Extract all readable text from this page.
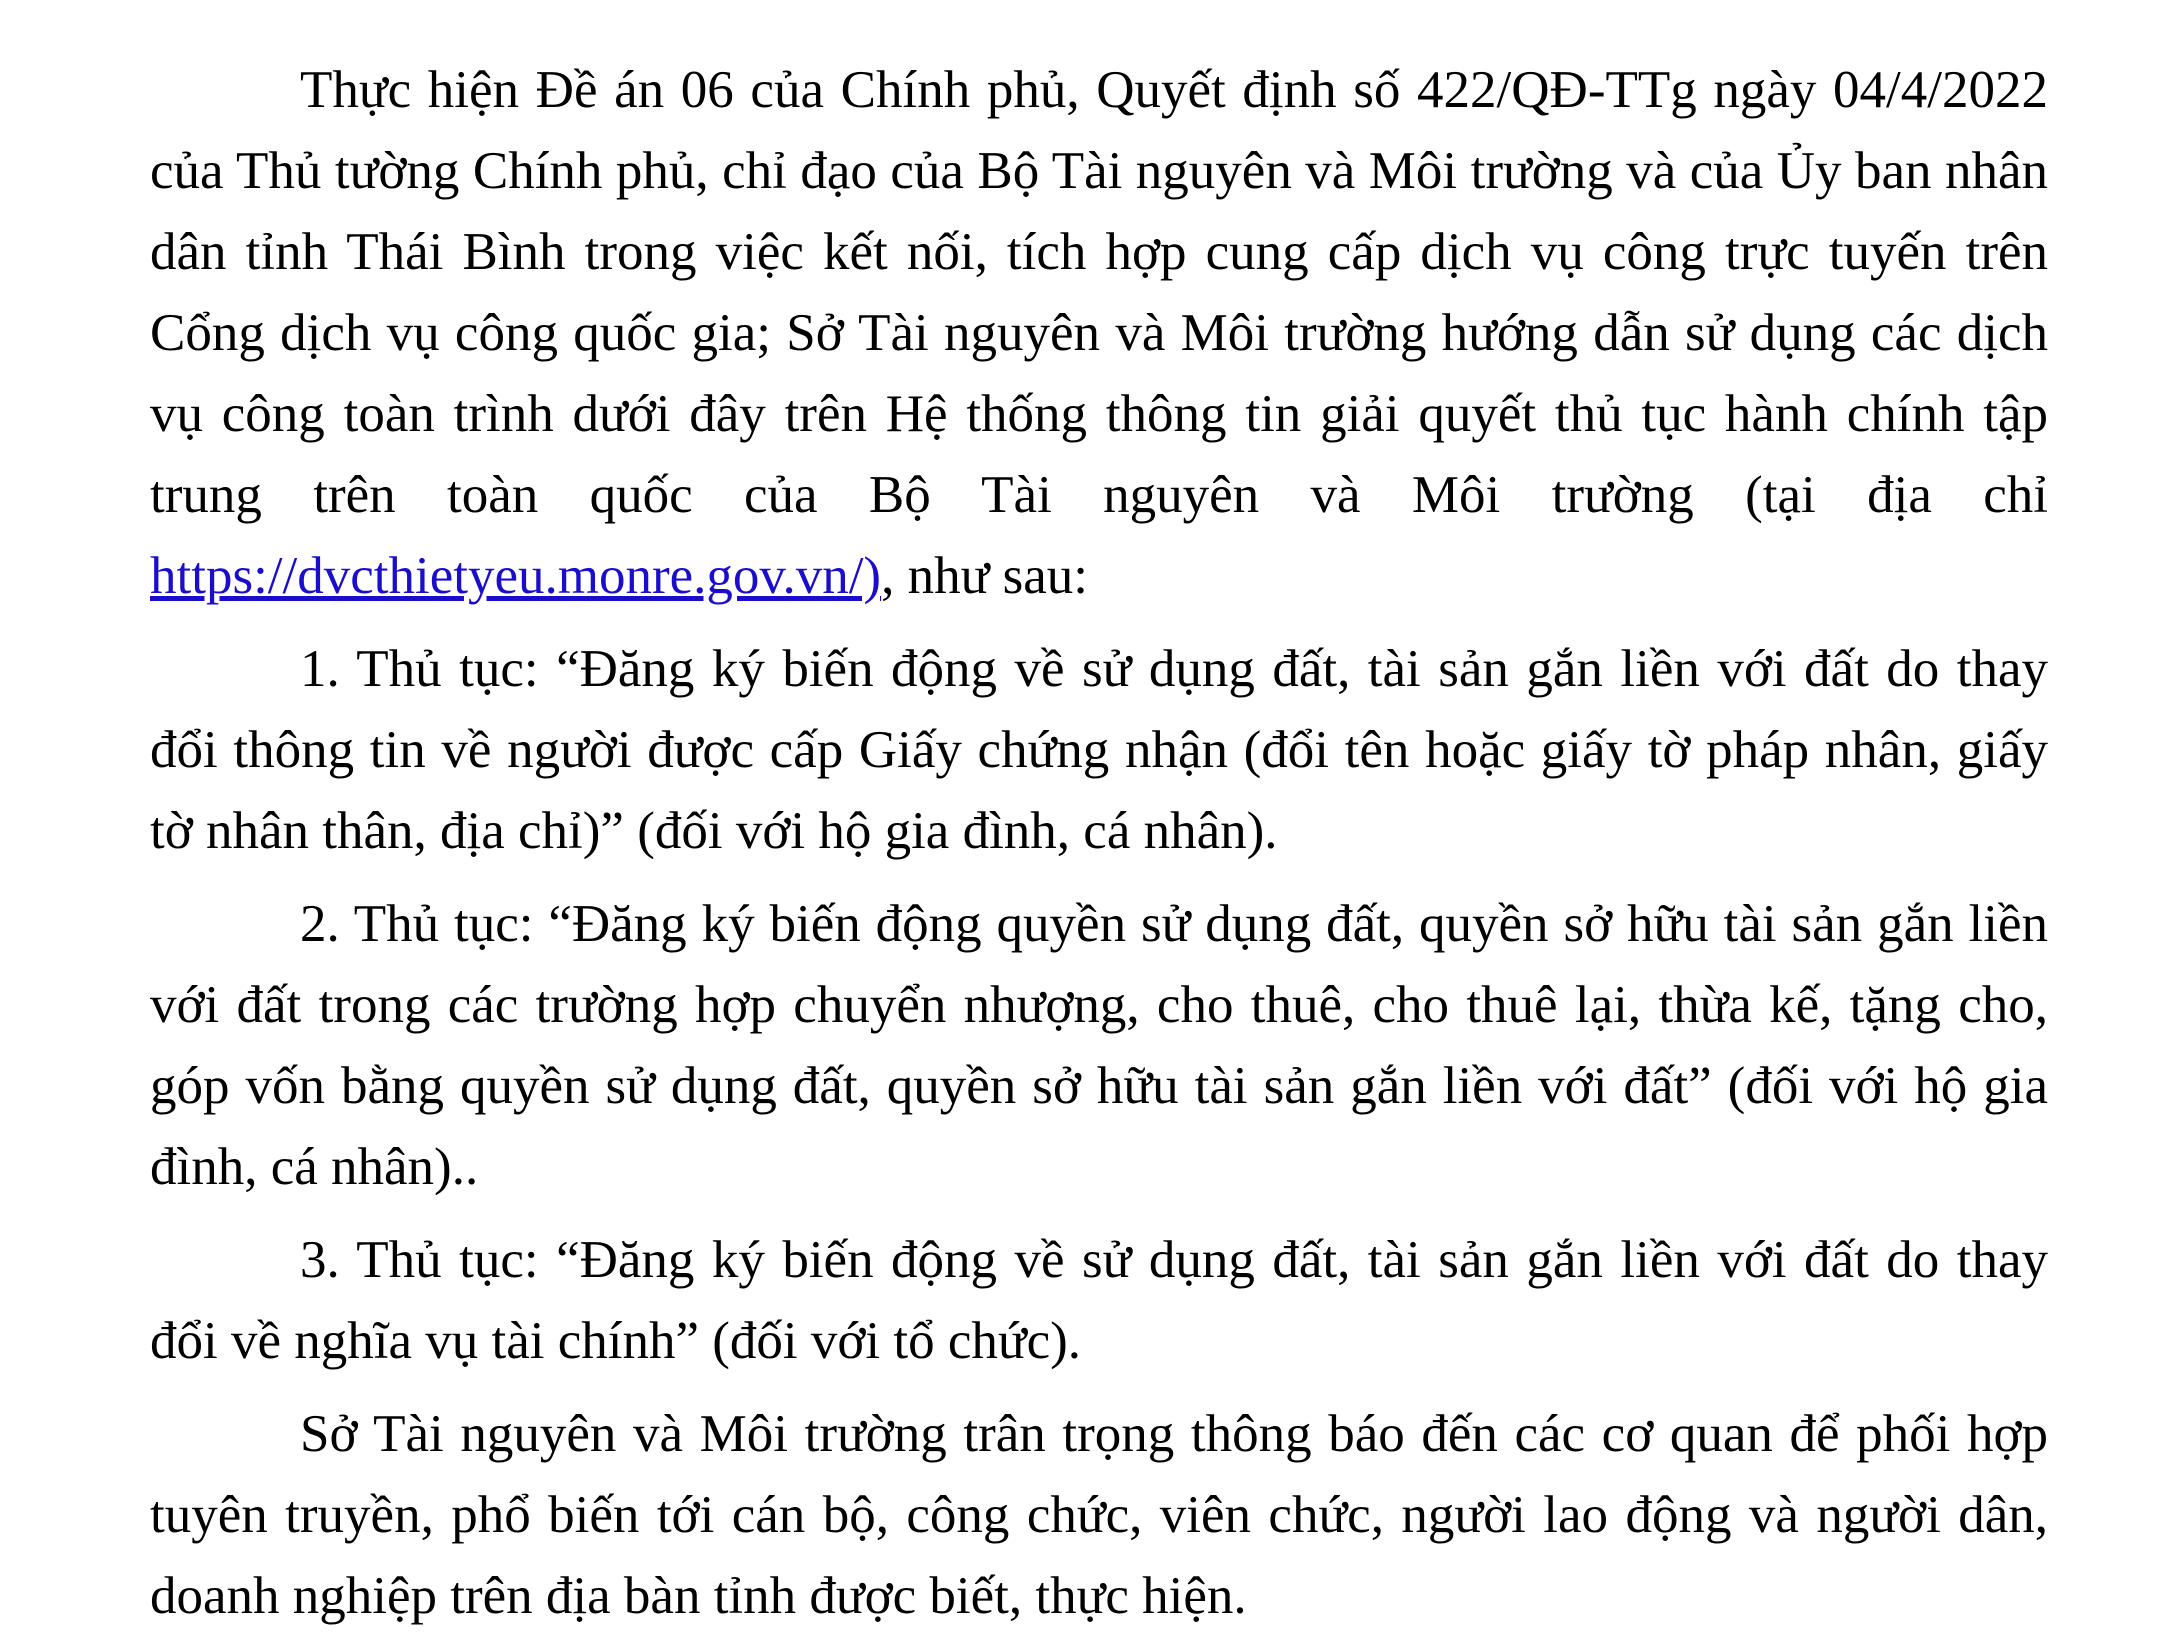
Thực hiện Đề án 06 của Chính phủ, Quyết định số 422/QĐ-TTg ngày 04/4/2022 của Thủ tường Chính phủ, chỉ đạo của Bộ Tài nguyên và Môi trường và của Ủy ban nhân dân tỉnh Thái Bình trong việc kết nối, tích hợp cung cấp dịch vụ công trực tuyến trên Cổng dịch vụ công quốc gia; Sở Tài nguyên và Môi trường hướng dẫn sử dụng các dịch vụ công toàn trình dưới đây trên Hệ thống thông tin giải quyết thủ tục hành chính tập trung trên toàn quốc của Bộ Tài nguyên và Môi trường (tại địa chỉ https://dvcthietyeu.monre.gov.vn/), như sau:

1. Thủ tục: “Đăng ký biến động về sử dụng đất, tài sản gắn liền với đất do thay đổi thông tin về người được cấp Giấy chứng nhận (đổi tên hoặc giấy tờ pháp nhân, giấy tờ nhân thân, địa chỉ)” (đối với hộ gia đình, cá nhân).

2. Thủ tục: “Đăng ký biến động quyền sử dụng đất, quyền sở hữu tài sản gắn liền với đất trong các trường hợp chuyển nhượng, cho thuê, cho thuê lại, thừa kế, tặng cho, góp vốn bằng quyền sử dụng đất, quyền sở hữu tài sản gắn liền với đất” (đối với hộ gia đình, cá nhân)..

3. Thủ tục: “Đăng ký biến động về sử dụng đất, tài sản gắn liền với đất do thay đổi về nghĩa vụ tài chính” (đối với tổ chức).

Sở Tài nguyên và Môi trường trân trọng thông báo đến các cơ quan để phối hợp tuyên truyền, phổ biến tới cán bộ, công chức, viên chức, người lao động và người dân, doanh nghiệp trên địa bàn tỉnh được biết, thực hiện.
